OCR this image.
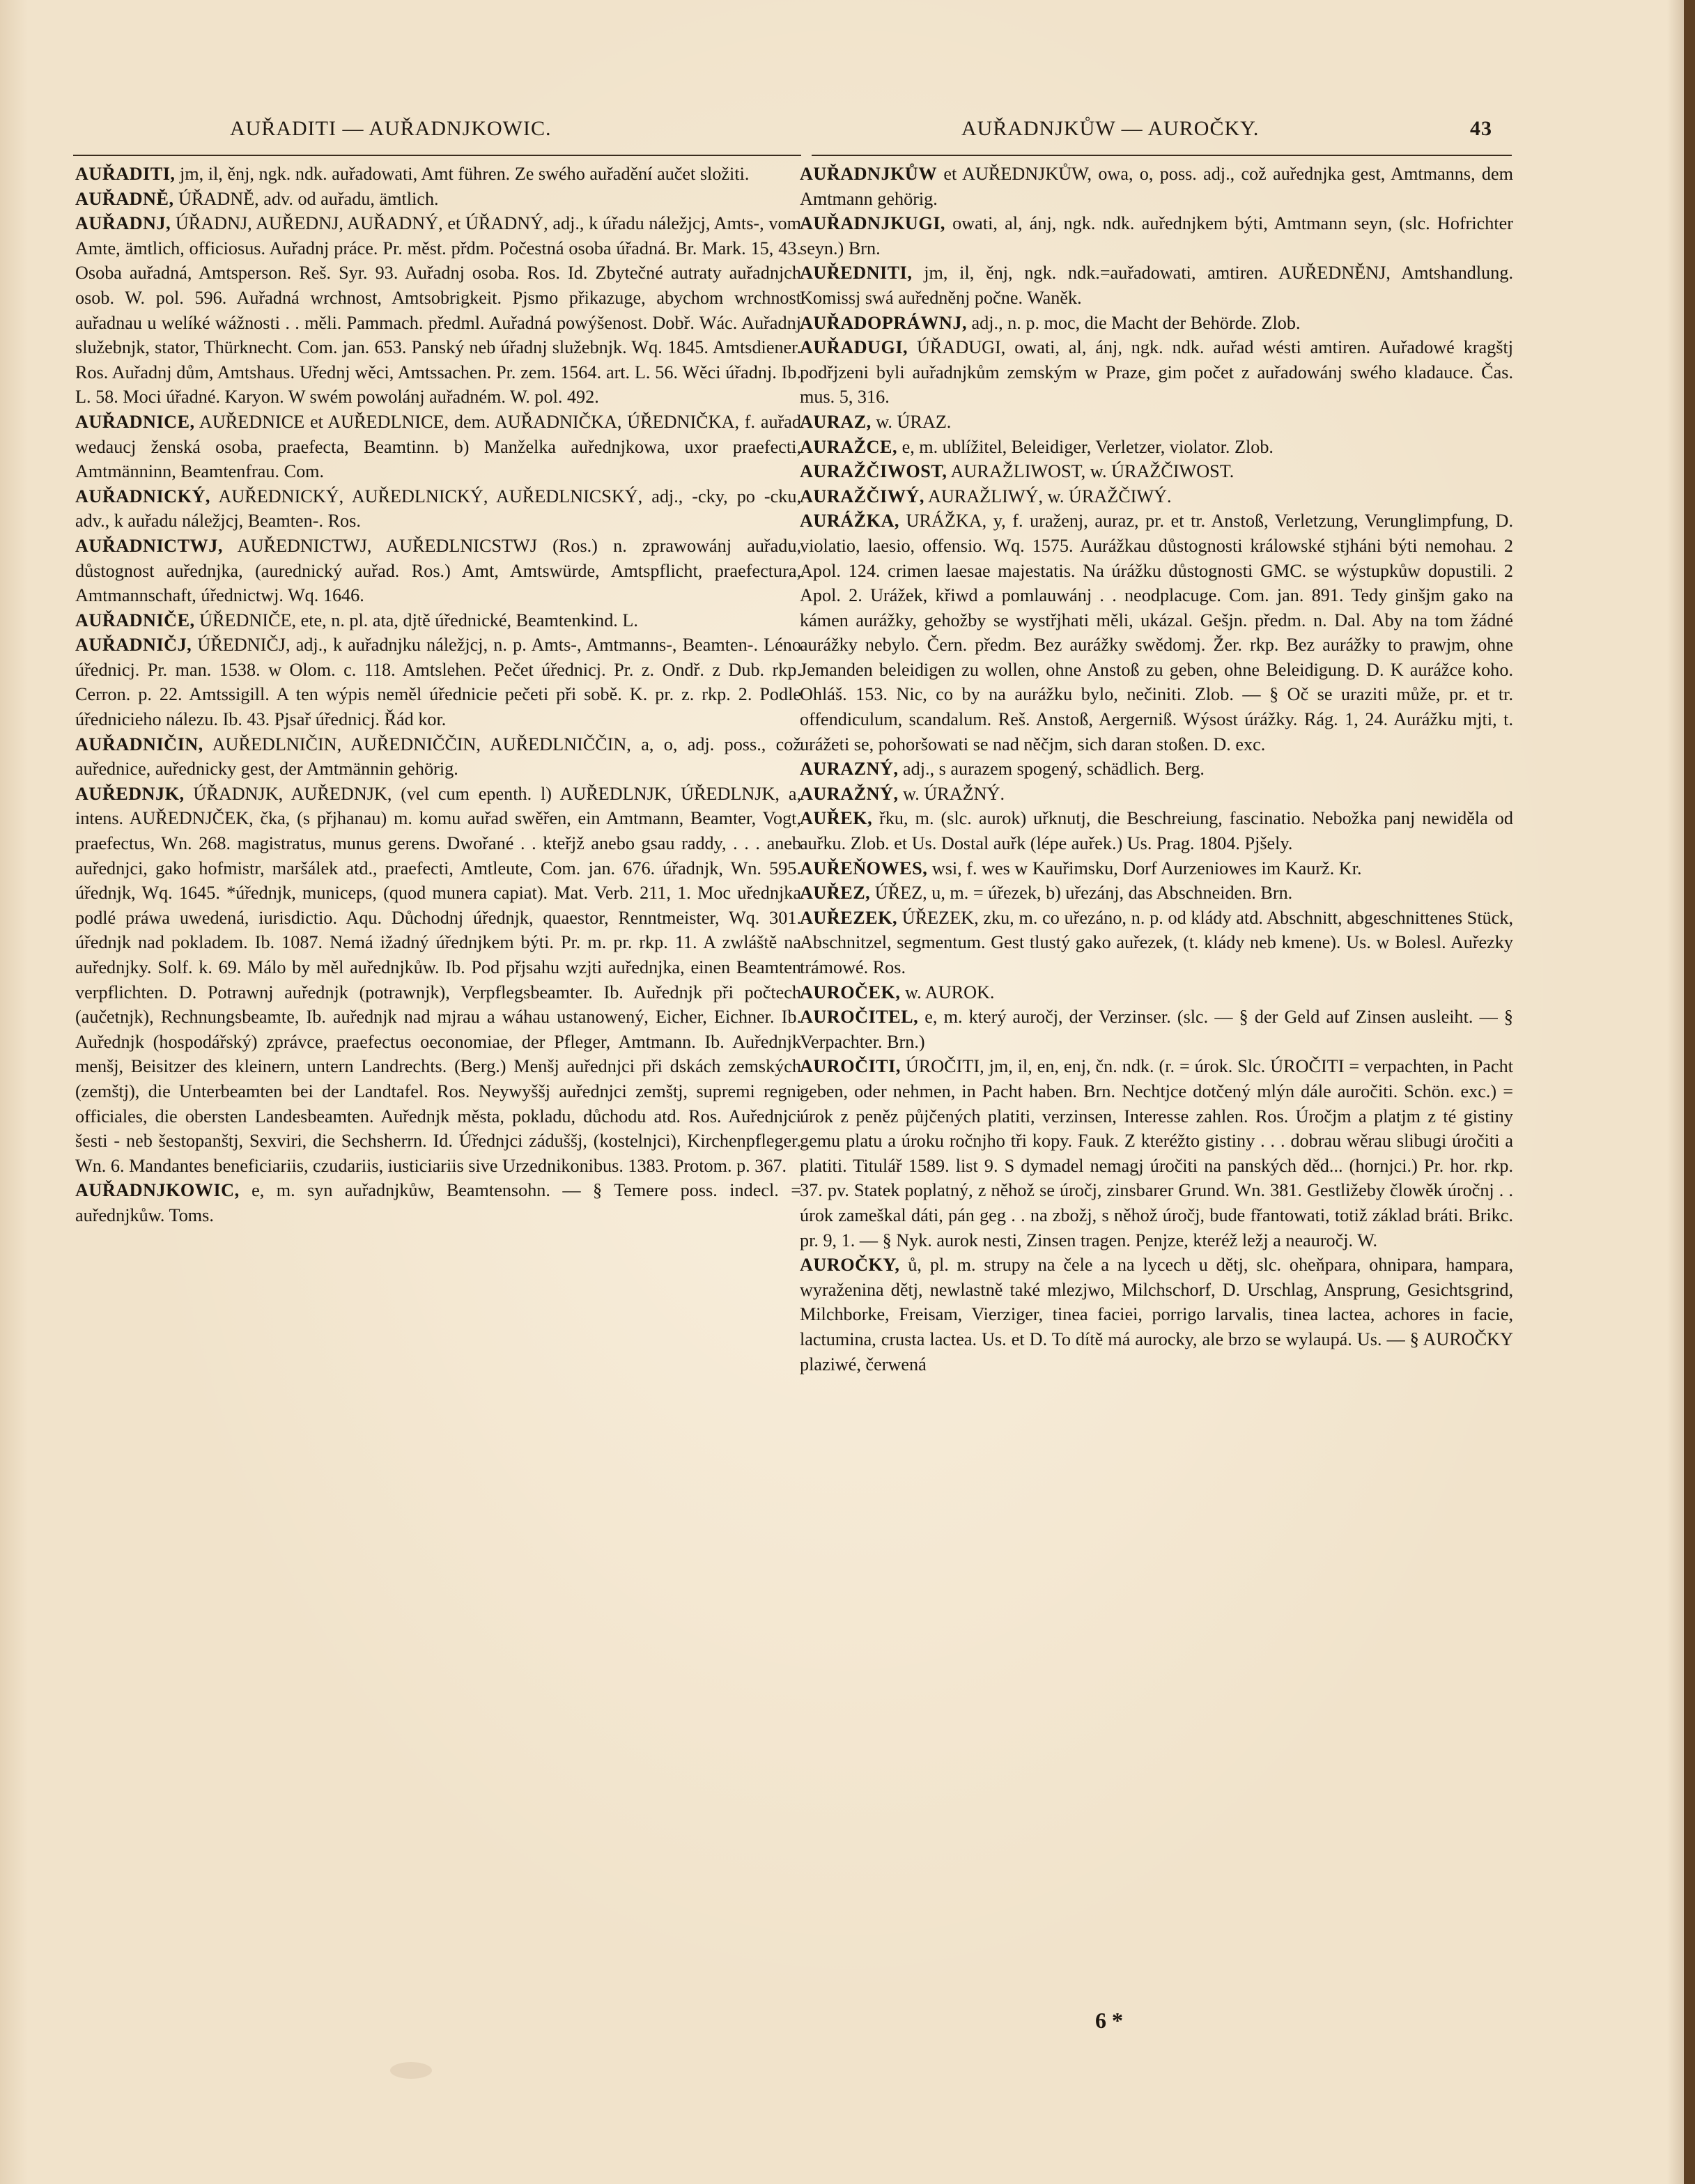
AUŘADITI — AUŘADNJKOWIC.	AUŘADNJKŮW — AUROČKY.	43

AUŘADITI, jm, il, ěnj, ngk. ndk. auřadowati, Amt führen. Ze swého auřadění aučet složiti.

AUŘADNĚ, ÚŘADNĚ, adv. od auřadu, ämtlich.

AUŘADNJ, ÚŘADNJ, AUŘEDNJ, AUŘADNÝ, et ÚŘADNÝ, adj., k úřadu náležjcj, Amts-, vom Amte, ämtlich, officiosus. Auřadnj práce. Pr. měst. přdm. Počestná osoba úřadná. Br. Mark. 15, 43. Osoba auřadná, Amtsperson. Reš. Syr. 93. Auřadnj osoba. Ros. Id. Zbytečné autraty auřadnjch osob. W. pol. 596. Auřadná wrchnost, Amtsobrigkeit. Pjsmo přikazuge, abychom wrchnost auřadnau u welíké wážnosti . . měli. Pammach. předml. Auřadná powýšenost. Dobř. Wác. Auřadnj služebnjk, stator, Thürknecht. Com. jan. 653. Panský neb úřadnj služebnjk. Wq. 1845. Amtsdiener. Ros. Auřadnj dům, Amtshaus. Uřednj wěci, Amtssachen. Pr. zem. 1564. art. L. 56. Wěci úřadnj. Ib. L. 58. Moci úřadné. Karyon. W swém powolánj auřadném. W. pol. 492.

AUŘADNICE, AUŘEDNICE et AUŘEDLNICE, dem. AUŘADNIČKA, ÚŘEDNIČKA, f. auřad wedaucj ženská osoba, praefecta, Beamtinn. b) Manželka auřednjkowa, uxor praefecti, Amtmänninn, Beamtenfrau. Com.

AUŘADNICKÝ, AUŘEDNICKÝ, AUŘEDLNICKÝ, AUŘEDLNICSKÝ, adj., -cky, po -cku, adv., k auřadu náležjcj, Beamten-. Ros.

AUŘADNICTWJ, AUŘEDNICTWJ, AUŘEDLNICSTWJ (Ros.) n. zprawowánj auřadu, důstognost auřednjka, (aurednický auřad. Ros.) Amt, Amtswürde, Amtspflicht, praefectura, Amtmannschaft, úřednictwj. Wq. 1646.

AUŘADNIČE, ÚŘEDNIČE, ete, n. pl. ata, djtě úřednické, Beamtenkind. L.

AUŘADNIČJ, ÚŘEDNIČJ, adj., k auřadnjku náležjcj, n. p. Amts-, Amtmanns-, Beamten-. Léno úřednicj. Pr. man. 1538. w Olom. c. 118. Amtslehen. Pečet úřednicj. Pr. z. Ondř. z Dub. rkp. Cerron. p. 22. Amtssigill. A ten wýpis neměl úřednicie pečeti při sobě. K. pr. z. rkp. 2. Podle úřednicieho nálezu. Ib. 43. Pjsař úřednicj. Řád kor.

AUŘADNIČIN, AUŘEDLNIČIN, AUŘEDNIČČIN, AUŘEDLNIČČIN, a, o, adj. poss., což auřednice, auřednicky gest, der Amtmännin gehörig.

AUŘEDNJK, ÚŘADNJK, AUŘEDNJK, (vel cum epenth. l) AUŘEDLNJK, ÚŘEDLNJK, a, intens. AUŘEDNJČEK, čka, (s přjhanau) m. komu auřad swěřen, ein Amtmann, Beamter, Vogt, praefectus, Wn. 268. magistratus, munus gerens. Dwořané . . kteřjž anebo gsau raddy, . . . aneb auřednjci, gako hofmistr, maršálek atd., praefecti, Amtleute, Com. jan. 676. úřadnjk, Wn. 595. úřednjk, Wq. 1645. *úřednjk, municeps, (quod munera capiat). Mat. Verb. 211, 1. Moc uřednjka podlé práwa uwedená, iurisdictio. Aqu. Důchodnj úřednjk, quaestor, Renntmeister, Wq. 301. úřednjk nad pokladem. Ib. 1087. Nemá ižadný úřednjkem býti. Pr. m. pr. rkp. 11. A zwláště na auřednjky. Solf. k. 69. Málo by měl auřednjkůw. Ib. Pod přjsahu wzjti auřednjka, einen Beamten verpflichten. D. Potrawnj auřednjk (potrawnjk), Verpflegsbeamter. Ib. Auřednjk při počtech (aučetnjk), Rechnungsbeamte, Ib. auřednjk nad mjrau a wáhau ustanowený, Eicher, Eichner. Ib. Auřednjk (hospodářský) zprávce, praefectus oeconomiae, der Pfleger, Amtmann. Ib. Auřednjk menšj, Beisitzer des kleinern, untern Landrechts. (Berg.) Menšj auřednjci při dskách zemských (zemštj), die Unterbeamten bei der Landtafel. Ros. Neywyššj auřednjci zemštj, supremi regni officiales, die obersten Landesbeamten. Auřednjk města, pokladu, důchodu atd. Ros. Auřednjci šesti - neb šestopanštj, Sexviri, die Sechsherrn. Id. Úřednjci záduššj, (kostelnjci), Kirchenpfleger. Wn. 6. Mandantes beneficiariis, czudariis, iusticiariis sive Urzednikonibus. 1383. Protom. p. 367.

AUŘADNJKOWIC, e, m. syn auřadnjkůw, Beamtensohn. — § Temere poss. indecl. = auřednjkůw. Toms.

AUŘADNJKŮW et AUŘEDNJKŮW, owa, o, poss. adj., což auřednjka gest, Amtmanns, dem Amtmann gehörig.

AUŘADNJKUGI, owati, al, ánj, ngk. ndk. auřednjkem býti, Amtmann seyn, (slc. Hofrichter seyn.) Brn.

AUŘEDNITI, jm, il, ěnj, ngk. ndk.=auřadowati, amtiren. AUŘEDNĚNJ, Amtshandlung. Komissj swá auředněnj počne. Waněk.

AUŘADOPRÁWNJ, adj., n. p. moc, die Macht der Behörde. Zlob.

AUŘADUGI, ÚŘADUGI, owati, al, ánj, ngk. ndk. auřad wésti amtiren. Auřadowé kragštj podřjzeni byli auřadnjkům zemským w Praze, gim počet z auřadowánj swého kladauce. Čas. mus. 5, 316.

AURAZ, w. ÚRAZ.

AURAŽCE, e, m. ublížitel, Beleidiger, Verletzer, violator. Zlob.

AURAŽČIWOST, AURAŽLIWOST, w. ÚRAŽČIWOST.

AURAŽČIWÝ, AURAŽLIWÝ, w. ÚRAŽČIWÝ.

AURÁŽKA, URÁŽKA, y, f. uraženj, auraz, pr. et tr. Anstoß, Verletzung, Verunglimpfung, D. violatio, laesio, offensio. Wq. 1575. Aurážkau důstognosti králowské stjháni býti nemohau. 2 Apol. 124. crimen laesae majestatis. Na úrážku důstognosti GMC. se wýstupkůw dopustili. 2 Apol. 2. Urážek, křiwd a pomlauwánj . . neodplacuge. Com. jan. 891. Tedy ginšjm gako na kámen aurážky, gehožby se wystřjhati měli, ukázal. Gešjn. předm. n. Dal. Aby na tom žádné aurážky nebylo. Čern. předm. Bez aurážky swědomj. Žer. rkp. Bez aurážky to prawjm, ohne Jemanden beleidigen zu wollen, ohne Anstoß zu geben, ohne Beleidigung. D. K aurážce koho. Ohláš. 153. Nic, co by na aurážku bylo, nečiniti. Zlob. — § Oč se uraziti může, pr. et tr. offendiculum, scandalum. Reš. Anstoß, Aergerniß. Wýsost úrážky. Rág. 1, 24. Aurážku mjti, t. urážeti se, pohoršowati se nad něčjm, sich daran stoßen. D. exc.

AURAZNÝ, adj., s aurazem spogený, schädlich. Berg.

AURAŽNÝ, w. ÚRAŽNÝ.

AUŘEK, řku, m. (slc. aurok) uřknutj, die Beschreiung, fascinatio. Nebožka panj newiděla od auřku. Zlob. et Us. Dostal auřk (lépe auřek.) Us. Prag. 1804. Pjšely.

AUŘEŇOWES, wsi, f. wes w Kauřimsku, Dorf Aurzeniowes im Kaurž. Kr.

AUŘEZ, ÚŘEZ, u, m. = úřezek, b) uřezánj, das Abschneiden. Brn.

AUŘEZEK, ÚŘEZEK, zku, m. co uřezáno, n. p. od klády atd. Abschnitt, abgeschnittenes Stück, Abschnitzel, segmentum. Gest tlustý gako auřezek, (t. klády neb kmene). Us. w Bolesl. Auřezky trámowé. Ros.

AUROČEK, w. AUROK.

AUROČITEL, e, m. který auročj, der Verzinser. (slc. — § der Geld auf Zinsen ausleiht. — § Verpachter. Brn.)

AUROČITI, ÚROČITI, jm, il, en, enj, čn. ndk. (r. = úrok. Slc. ÚROČITI = verpachten, in Pacht geben, oder nehmen, in Pacht haben. Brn. Nechtjce dotčený mlýn dále auročiti. Schön. exc.) = úrok z peněz půjčených platiti, verzinsen, Interesse zahlen. Ros. Úročjm a platjm z té gistiny gemu platu a úroku ročnjho tři kopy. Fauk. Z kteréžto gistiny . . . dobrau wěrau slibugi úročiti a platiti. Titulář 1589. list 9. S dymadel nemagj úročiti na panských děd... (hornjci.) Pr. hor. rkp. 37. pv. Statek poplatný, z něhož se úročj, zinsbarer Grund. Wn. 381. Gestližeby člowěk úročnj . . úrok zameškal dáti, pán geg . . na zbožj, s něhož úročj, bude fřantowati, totiž základ bráti. Brikc. pr. 9, 1. — § Nyk. aurok nesti, Zinsen tragen. Penjze, kteréž ležj a neauročj. W.

AUROČKY, ů, pl. m. strupy na čele a na lycech u dětj, slc. oheňpara, ohnipara, hampara, wyraženina dětj, newlastně také mlezjwo, Milchschorf, D. Urschlag, Ansprung, Gesichtsgrind, Milchborke, Freisam, Vierziger, tinea faciei, porrigo larvalis, tinea lactea, achores in facie, lactumina, crusta lactea. Us. et D. To dítě má aurocky, ale brzo se wylaupá. Us. — § AUROČKY plaziwé, čerwená

6 *
